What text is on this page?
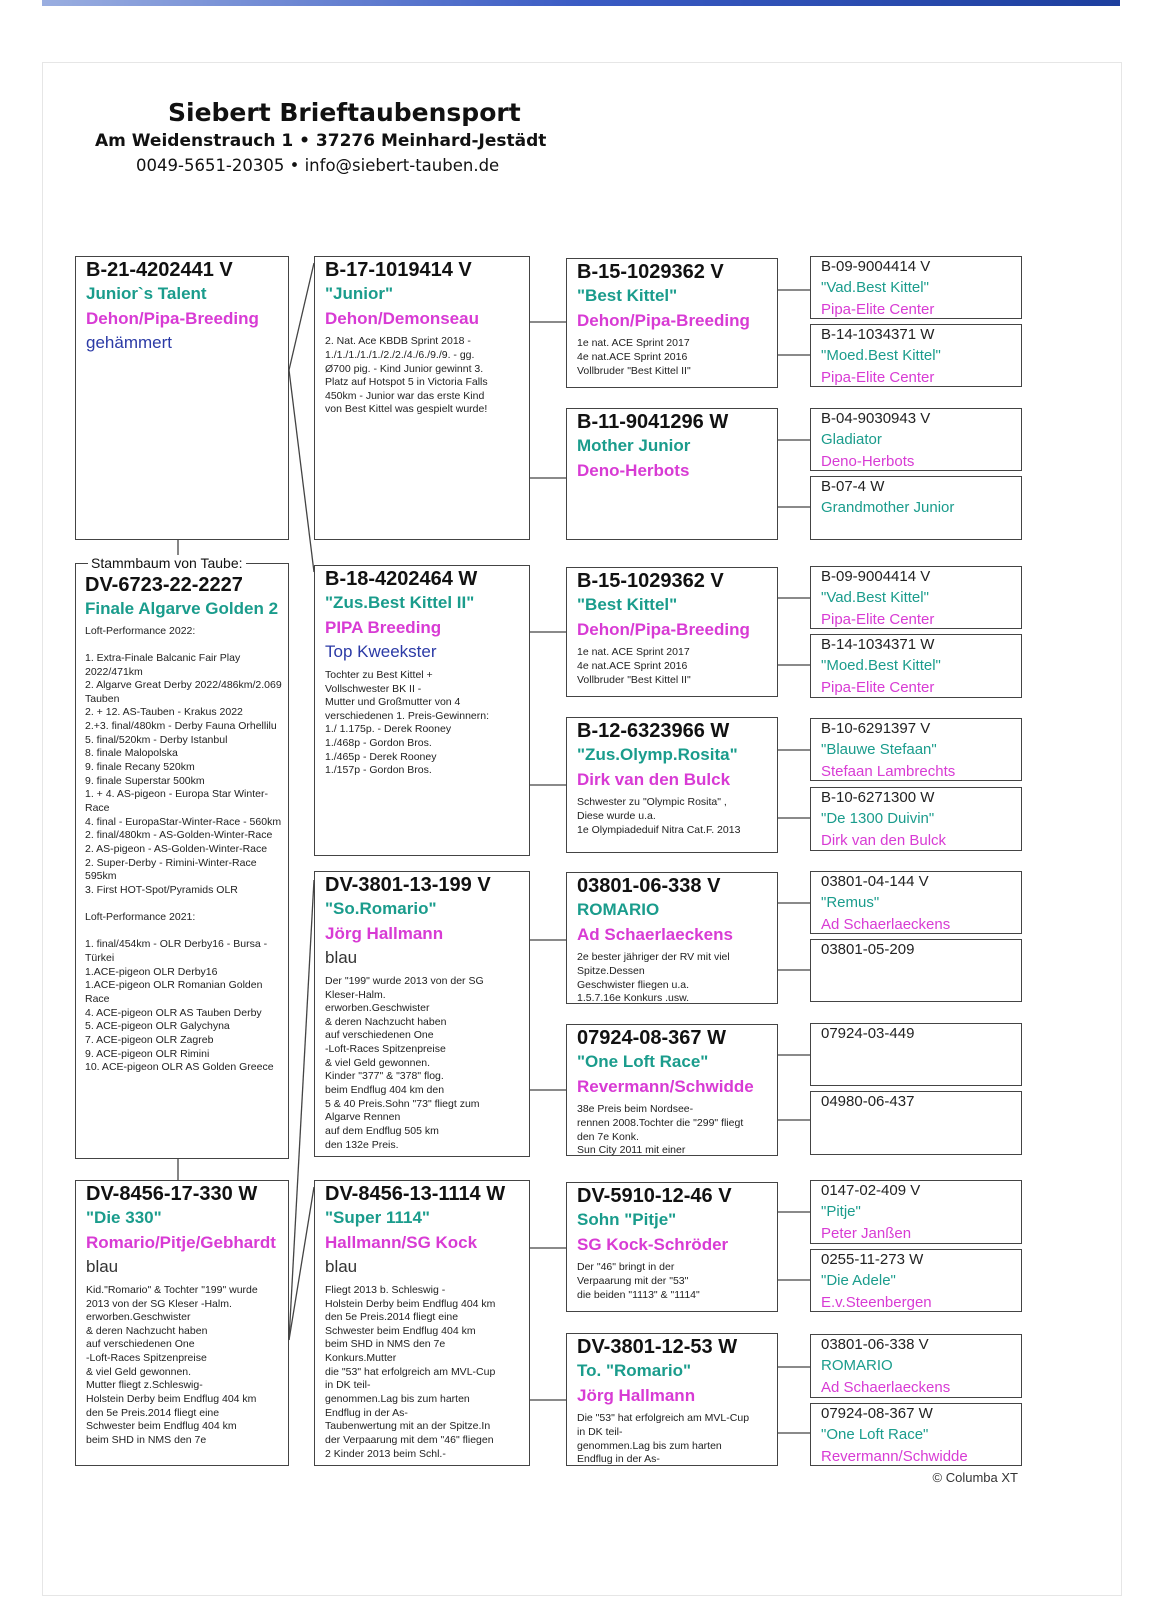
Siebert Brieftaubensport
Am Weidenstrauch 1 • 37276 Meinhard-Jestädt
0049-5651-20305 • info@siebert-tauben.de
B-21-4202441 V
Junior`s Talent
Dehon/Pipa-Breeding
gehämmert
Stammbaum von Taube:
DV-6723-22-2227
Finale Algarve Golden 2
Loft-Performance 2022:

1. Extra-Finale Balcanic Fair Play 2022/471km
2. Algarve Great Derby 2022/486km/2.069 Tauben
2. + 12. AS-Tauben - Krakus 2022
2.+3. final/480km - Derby Fauna Orhellilu
5. final/520km - Derby Istanbul
8. finale Malopolska
9. finale Recany 520km
9. finale Superstar 500km
1. + 4. AS-pigeon - Europa Star Winter-Race
4. final - EuropaStar-Winter-Race - 560km
2. final/480km - AS-Golden-Winter-Race
2. AS-pigeon - AS-Golden-Winter-Race
2. Super-Derby - Rimini-Winter-Race 595km
3. First HOT-Spot/Pyramids OLR

Loft-Performance 2021:

1. final/454km - OLR Derby16 - Bursa - Türkei
1.ACE-pigeon OLR Derby16
1.ACE-pigeon OLR Romanian Golden Race
4. ACE-pigeon OLR AS Tauben Derby
5. ACE-pigeon OLR Galychyna
7. ACE-pigeon OLR Zagreb
9. ACE-pigeon OLR Rimini
10. ACE-pigeon OLR AS Golden Greece
DV-8456-17-330 W
"Die 330"
Romario/Pitje/Gebhardt
blau
Kid."Romario" & Tochter "199" wurde 2013 von der SG Kleser -Halm.
erworben.Geschwister
& deren Nachzucht haben
auf verschiedenen One
-Loft-Races Spitzenpreise
& viel Geld gewonnen.
Mutter fliegt z.Schleswig-
Holstein Derby beim Endflug 404 km
den 5e Preis.2014 fliegt eine
Schwester beim Endflug 404 km
beim SHD in NMS den 7e
B-17-1019414 V
"Junior"
Dehon/Demonseau
2. Nat. Ace KBDB Sprint 2018 -
1./1./1./1./1./2./2./4./6./9./9. - gg.
Ø700 pig. - Kind Junior gewinnt 3.
Platz auf Hotspot 5 in Victoria Falls
450km - Junior war das erste Kind
von Best Kittel was gespielt wurde!
B-18-4202464 W
"Zus.Best Kittel II"
PIPA Breeding
Top Kweekster
Tochter zu Best Kittel +
Vollschwester BK II -
Mutter und Großmutter von 4
verschiedenen 1. Preis-Gewinnern:
1./ 1.175p. - Derek Rooney
1./468p - Gordon Bros.
1./465p - Derek Rooney
1./157p - Gordon Bros.
DV-3801-13-199 V
"So.Romario"
Jörg Hallmann
blau
Der "199" wurde 2013 von der SG
Kleser-Halm.
erworben.Geschwister
& deren Nachzucht haben
auf verschiedenen One
-Loft-Races Spitzenpreise
& viel Geld gewonnen.
Kinder "377" & "378" flog.
beim Endflug 404 km den
5 & 40 Preis.Sohn "73" fliegt zum
Algarve Rennen
auf dem Endflug 505 km
den 132e Preis.
DV-8456-13-1114 W
"Super 1114"
Hallmann/SG Kock
blau
Fliegt 2013 b. Schleswig -
Holstein Derby beim Endflug 404 km
den 5e Preis.2014 fliegt eine
Schwester beim Endflug 404 km
beim SHD in NMS den 7e
Konkurs.Mutter
die "53" hat erfolgreich am MVL-Cup
in DK teil-
genommen.Lag bis zum harten
Endflug in der As-
Taubenwertung mit an der Spitze.In
der Verpaarung mit dem "46" fliegen
2 Kinder 2013 beim Schl.-
B-15-1029362 V
"Best Kittel"
Dehon/Pipa-Breeding
1e nat. ACE Sprint 2017
4e nat.ACE Sprint 2016
Vollbruder "Best Kittel II"
B-11-9041296 W
Mother Junior
Deno-Herbots
B-15-1029362 V
"Best Kittel"
Dehon/Pipa-Breeding
1e nat. ACE Sprint 2017
4e nat.ACE Sprint 2016
Vollbruder "Best Kittel II"
B-12-6323966 W
"Zus.Olymp.Rosita"
Dirk van den Bulck
Schwester zu "Olympic Rosita" ,
Diese wurde u.a.
1e Olympiadeduif Nitra Cat.F. 2013
03801-06-338 V
ROMARIO
Ad Schaerlaeckens
2e bester jähriger der RV mit viel
Spitze.Dessen
Geschwister fliegen u.a.
1.5.7.16e Konkurs .usw.
07924-08-367 W
"One Loft Race"
Revermann/Schwidde
38e Preis beim Nordsee-
rennen 2008.Tochter die "299" fliegt
den 7e Konk.
Sun City 2011 mit einer
DV-5910-12-46 V
Sohn "Pitje"
SG Kock-Schröder
Der "46" bringt in der
Verpaarung mit der "53"
die beiden "1113" & "1114"
DV-3801-12-53 W
To. "Romario"
Jörg Hallmann
Die "53" hat erfolgreich am MVL-Cup
in DK teil-
genommen.Lag bis zum harten
Endflug in der As-
B-09-9004414 V
"Vad.Best Kittel"
Pipa-Elite Center
B-14-1034371 W
"Moed.Best Kittel"
Pipa-Elite Center
B-04-9030943 V
Gladiator
Deno-Herbots
B-07-4 W
Grandmother Junior
B-09-9004414 V
"Vad.Best Kittel"
Pipa-Elite Center
B-14-1034371 W
"Moed.Best Kittel"
Pipa-Elite Center
B-10-6291397 V
"Blauwe Stefaan"
Stefaan Lambrechts
B-10-6271300 W
"De 1300 Duivin"
Dirk van den Bulck
03801-04-144 V
"Remus"
Ad Schaerlaeckens
03801-05-209
07924-03-449
04980-06-437
0147-02-409 V
"Pitje"
Peter Janßen
0255-11-273 W
"Die Adele"
E.v.Steenbergen
03801-06-338 V
ROMARIO
Ad Schaerlaeckens
07924-08-367 W
"One Loft Race"
Revermann/Schwidde
© Columba XT
